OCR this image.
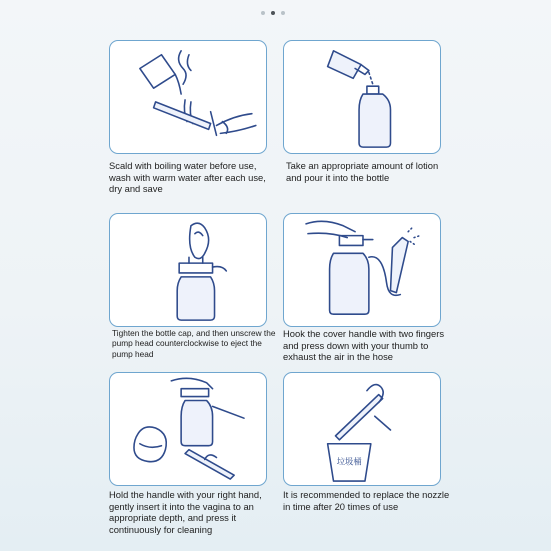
Scald with boiling water before use, wash with warm water after each use, dry and save
Take an appropriate amount of lotion and pour it into the bottle
Tighten the bottle cap, and then unscrew the pump head counterclockwise to eject the pump head
Hook the cover handle with two fingers and press down with your thumb to exhaust the air in the hose
Hold the handle with your right hand, gently insert it into the vagina to an appropriate depth, and press it continuously for cleaning
垃圾桶
It is recommended to replace the nozzle in time after 20 times of use
